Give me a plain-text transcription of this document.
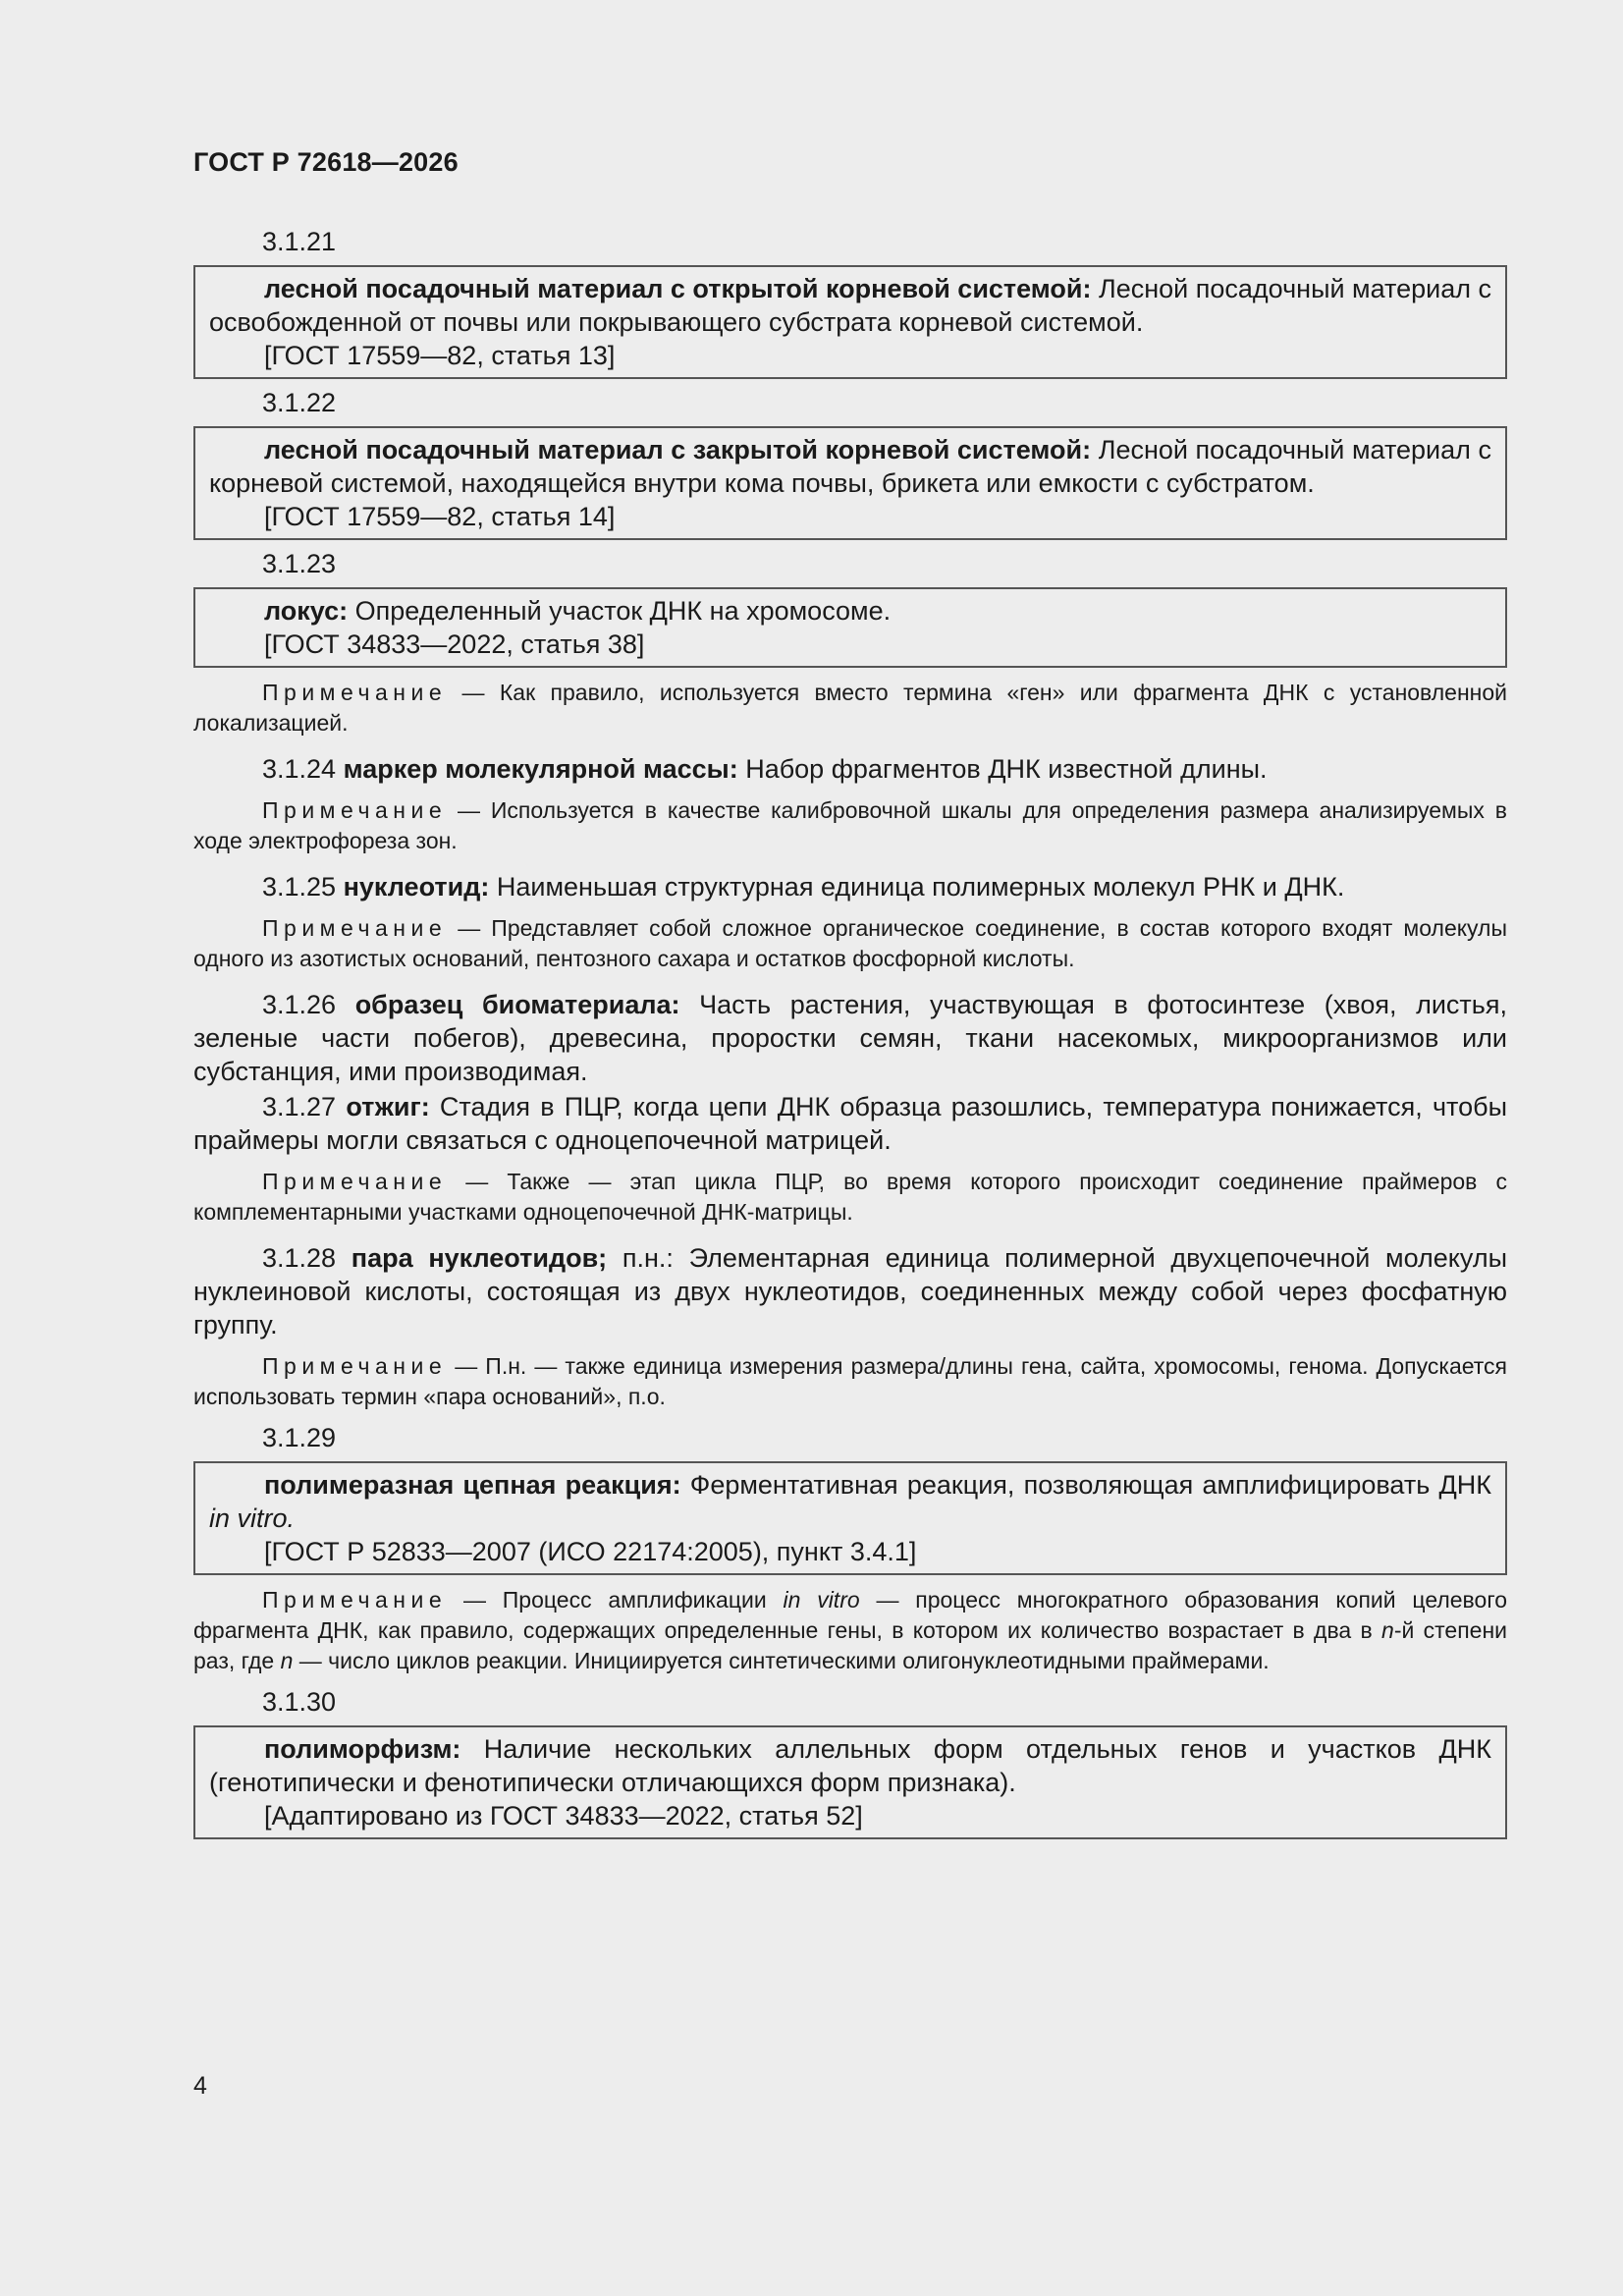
ГОСТ Р 72618—2026
3.1.21

лесной посадочный материал с открытой корневой системой: Лесной посадочный материал с освобожденной от почвы или покрывающего субстрата корневой системой.

[ГОСТ 17559—82, статья 13]

3.1.22

лесной посадочный материал с закрытой корневой системой: Лесной посадочный материал с корневой системой, находящейся внутри кома почвы, брикета или емкости с субстратом.

[ГОСТ 17559—82, статья 14]

3.1.23

локус: Определенный участок ДНК на хромосоме.

[ГОСТ 34833—2022, статья 38]

Примечание — Как правило, используется вместо термина «ген» или фрагмента ДНК с установленной локализацией.

3.1.24 маркер молекулярной массы: Набор фрагментов ДНК известной длины.

Примечание — Используется в качестве калибровочной шкалы для определения размера анализируемых в ходе электрофореза зон.

3.1.25 нуклеотид: Наименьшая структурная единица полимерных молекул РНК и ДНК.

Примечание — Представляет собой сложное органическое соединение, в состав которого входят молекулы одного из азотистых оснований, пентозного сахара и остатков фосфорной кислоты.

3.1.26 образец биоматериала: Часть растения, участвующая в фотосинтезе (хвоя, листья, зеленые части побегов), древесина, проростки семян, ткани насекомых, микроорганизмов или субстанция, ими производимая.

3.1.27 отжиг: Стадия в ПЦР, когда цепи ДНК образца разошлись, температура понижается, чтобы праймеры могли связаться с одноцепочечной матрицей.

Примечание — Также — этап цикла ПЦР, во время которого происходит соединение праймеров с комплементарными участками одноцепочечной ДНК-матрицы.

3.1.28 пара нуклеотидов; п.н.: Элементарная единица полимерной двухцепочечной молекулы нуклеиновой кислоты, состоящая из двух нуклеотидов, соединенных между собой через фосфатную группу.

Примечание — П.н. — также единица измерения размера/длины гена, сайта, хромосомы, генома. Допускается использовать термин «пара оснований», п.о.

3.1.29

полимеразная цепная реакция: Ферментативная реакция, позволяющая амплифицировать ДНК in vitro.

[ГОСТ Р 52833—2007 (ИСО 22174:2005), пункт 3.4.1]

Примечание — Процесс амплификации in vitro — процесс многократного образования копий целевого фрагмента ДНК, как правило, содержащих определенные гены, в котором их количество возрастает в два в n-й степени раз, где n — число циклов реакции. Инициируется синтетическими олигонуклеотидными праймерами.

3.1.30

полиморфизм: Наличие нескольких аллельных форм отдельных генов и участков ДНК (генотипически и фенотипически отличающихся форм признака).

[Адаптировано из ГОСТ 34833—2022, статья 52]

4
